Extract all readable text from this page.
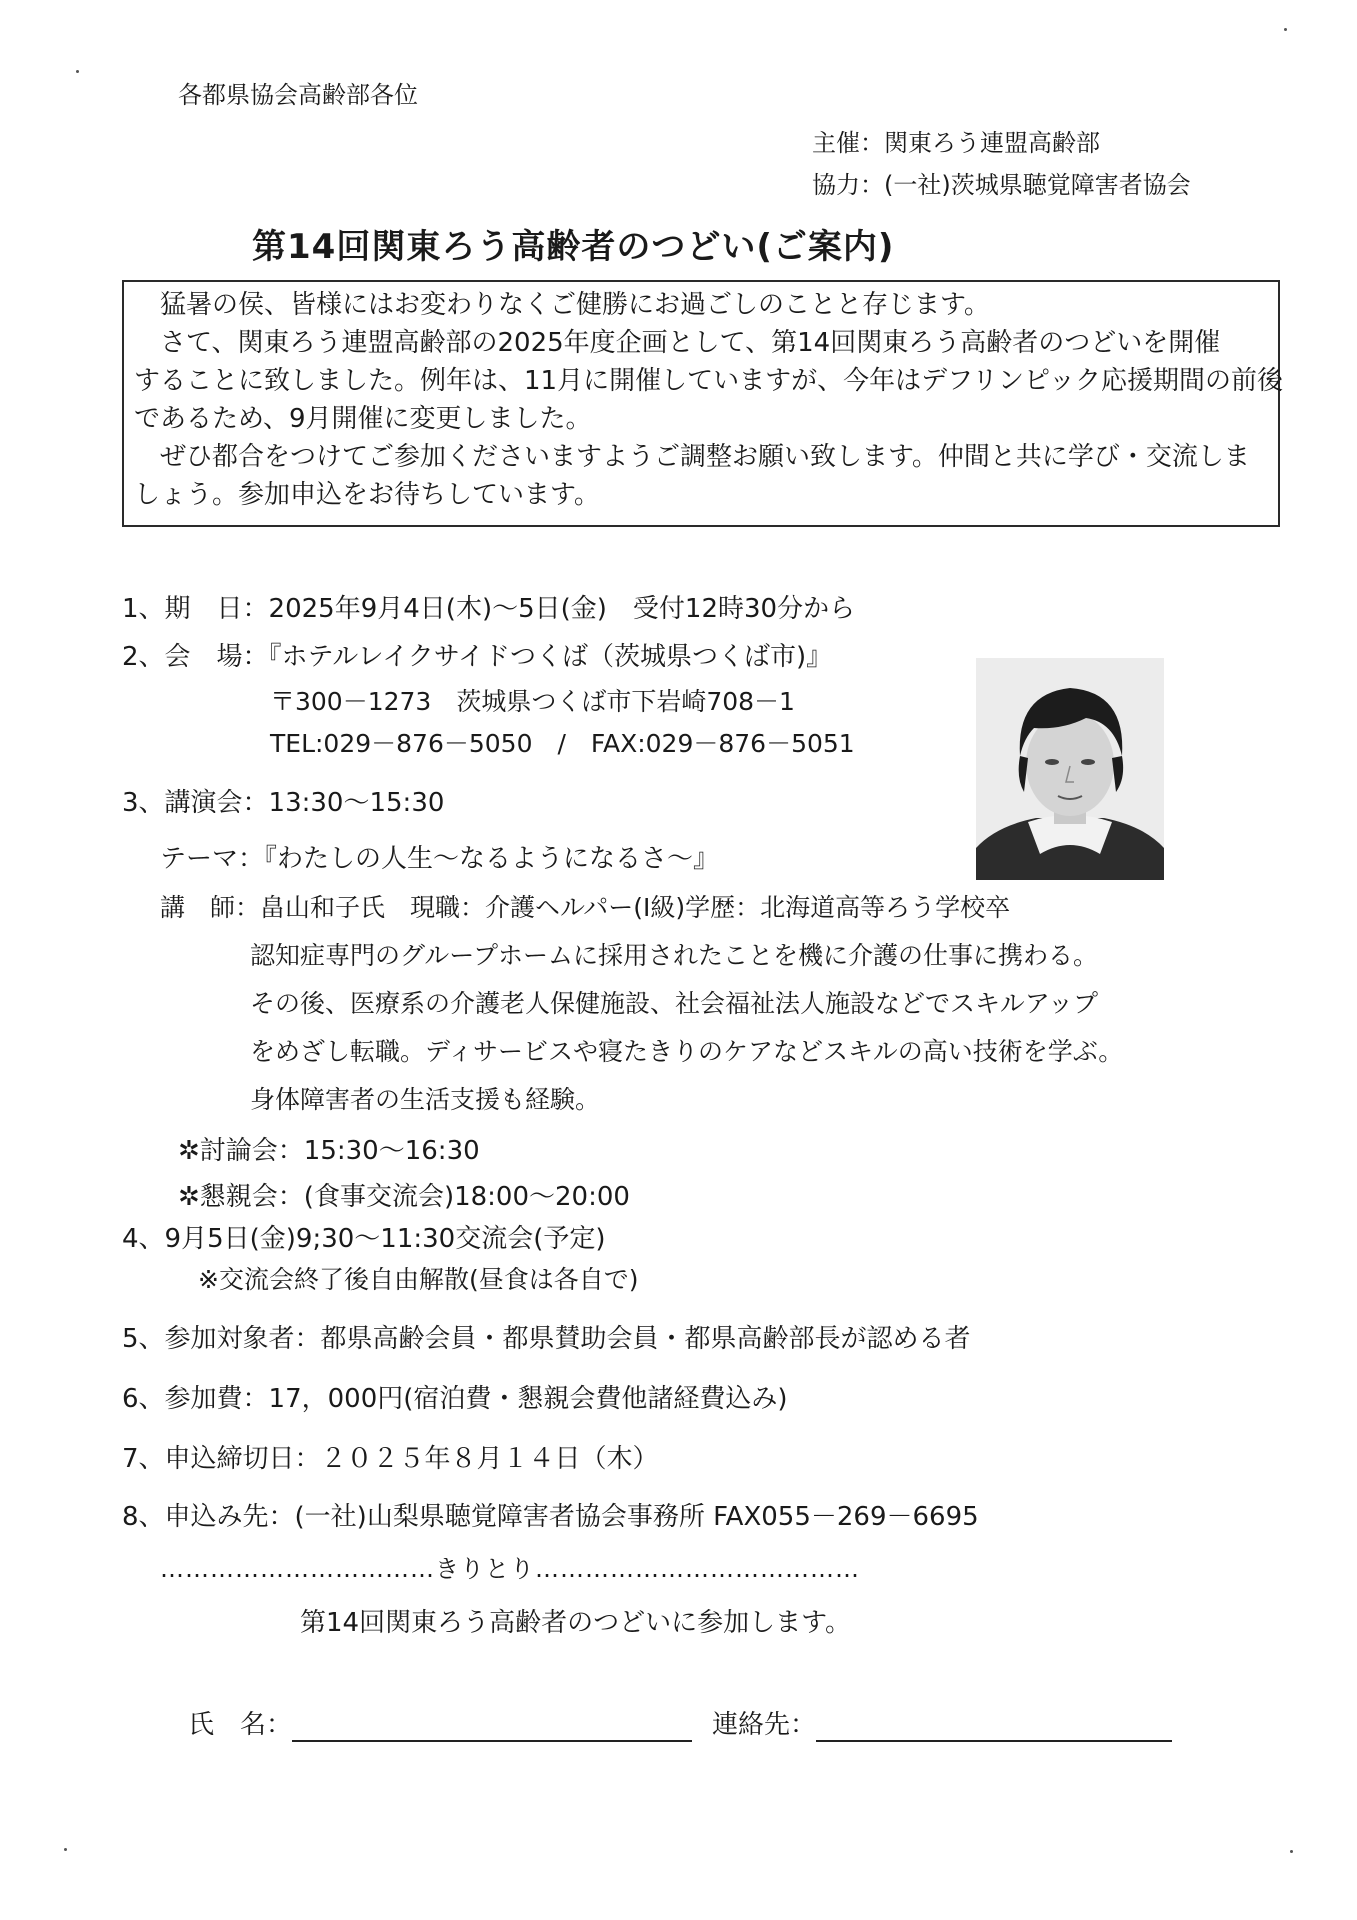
各都県協会高齢部各位
主催：関東ろう連盟高齢部
協力：(一社)茨城県聴覚障害者協会
第14回関東ろう高齢者のつどい(ご案内)
　猛暑の侯、皆様にはお変わりなくご健勝にお過ごしのことと存じます。
　さて、関東ろう連盟高齢部の2025年度企画として、第14回関東ろう高齢者のつどいを開催
することに致しました。例年は、11月に開催していますが、今年はデフリンピック応援期間の前後
であるため、9月開催に変更しました。
　ぜひ都合をつけてご参加くださいますようご調整お願い致します。仲間と共に学び・交流しま
しょう。参加申込をお待ちしています。
1、期　日：2025年9月4日(木)～5日(金)　受付12時30分から
2、会　場：『ホテルレイクサイドつくば（茨城県つくば市)』
〒300－1273　茨城県つくば市下岩崎708－1
TEL:029－876－5050　/　FAX:029－876－5051
3、講演会：13:30～15:30
テーマ：『わたしの人生～なるようになるさ～』
講　師：畠山和子氏　現職：介護ヘルパー(Ⅰ級)学歴：北海道高等ろう学校卒
認知症専門のグループホームに採用されたことを機に介護の仕事に携わる。
その後、医療系の介護老人保健施設、社会福祉法人施設などでスキルアップ
をめざし転職。ディサービスや寝たきりのケアなどスキルの高い技術を学ぶ。
身体障害者の生活支援も経験。
✲討論会：15:30～16:30
✲懇親会：(食事交流会)18:00～20:00
4、9月5日(金)9;30～11:30交流会(予定)
※交流会終了後自由解散(昼食は各自で)
5、参加対象者：都県高齢会員・都県賛助会員・都県高齢部長が認める者
6、参加費：17，000円(宿泊費・懇親会費他諸経費込み)
7、申込締切日：２０２５年８月１４日（木）
8、申込み先：(一社)山梨県聴覚障害者協会事務所 FAX055－269－6695
……………………………きりとり…………………………………
第14回関東ろう高齢者のつどいに参加します。
氏　名：	連絡先：
